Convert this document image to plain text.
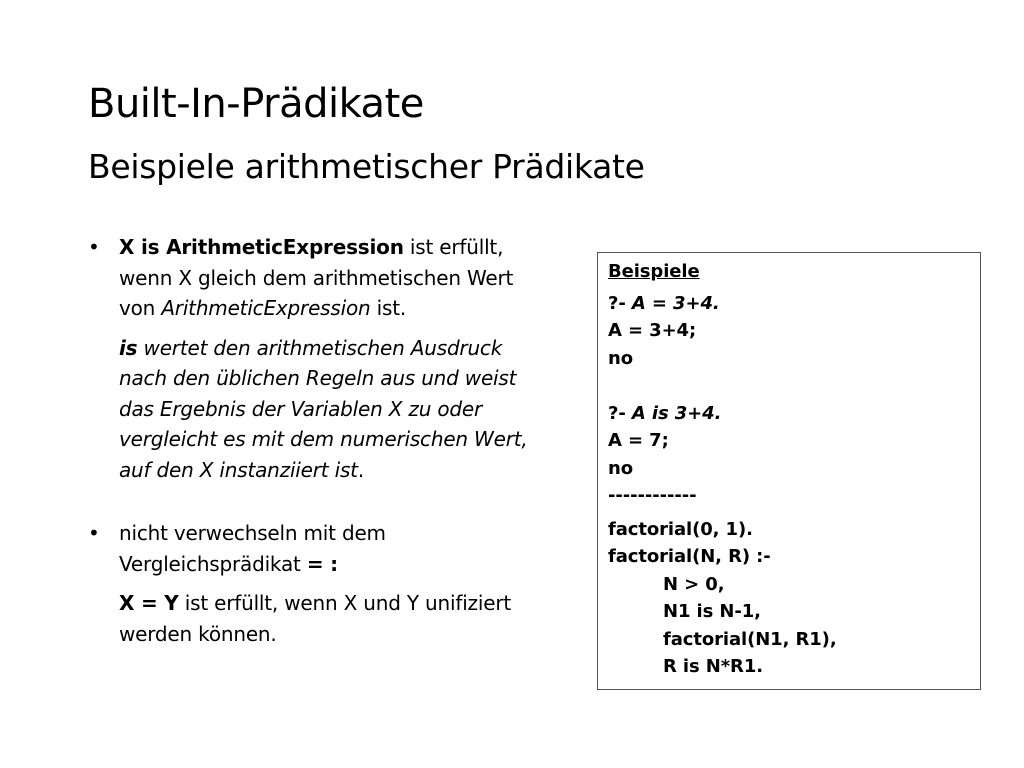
Built-In-Prädikate
Beispiele arithmetischer Prädikate

• X is ArithmeticExpression ist erfüllt, wenn X gleich dem arithmetischen Wert von ArithmeticExpression ist.

is wertet den arithmetischen Ausdruck nach den üblichen Regeln aus und weist das Ergebnis der Variablen X zu oder vergleicht es mit dem numerischen Wert, auf den X instanziiert ist.

• nicht verwechseln mit dem Vergleichsprädikat = :

X = Y ist erfüllt, wenn X und Y unifiziert werden können.

Beispiele
?- A = 3+4.
A = 3+4;
no
?- A is 3+4.
A = 7;
no
------------
factorial(0, 1).
factorial(N, R) :-
N > 0,
N1 is N-1,
factorial(N1, R1),
R is N*R1.
